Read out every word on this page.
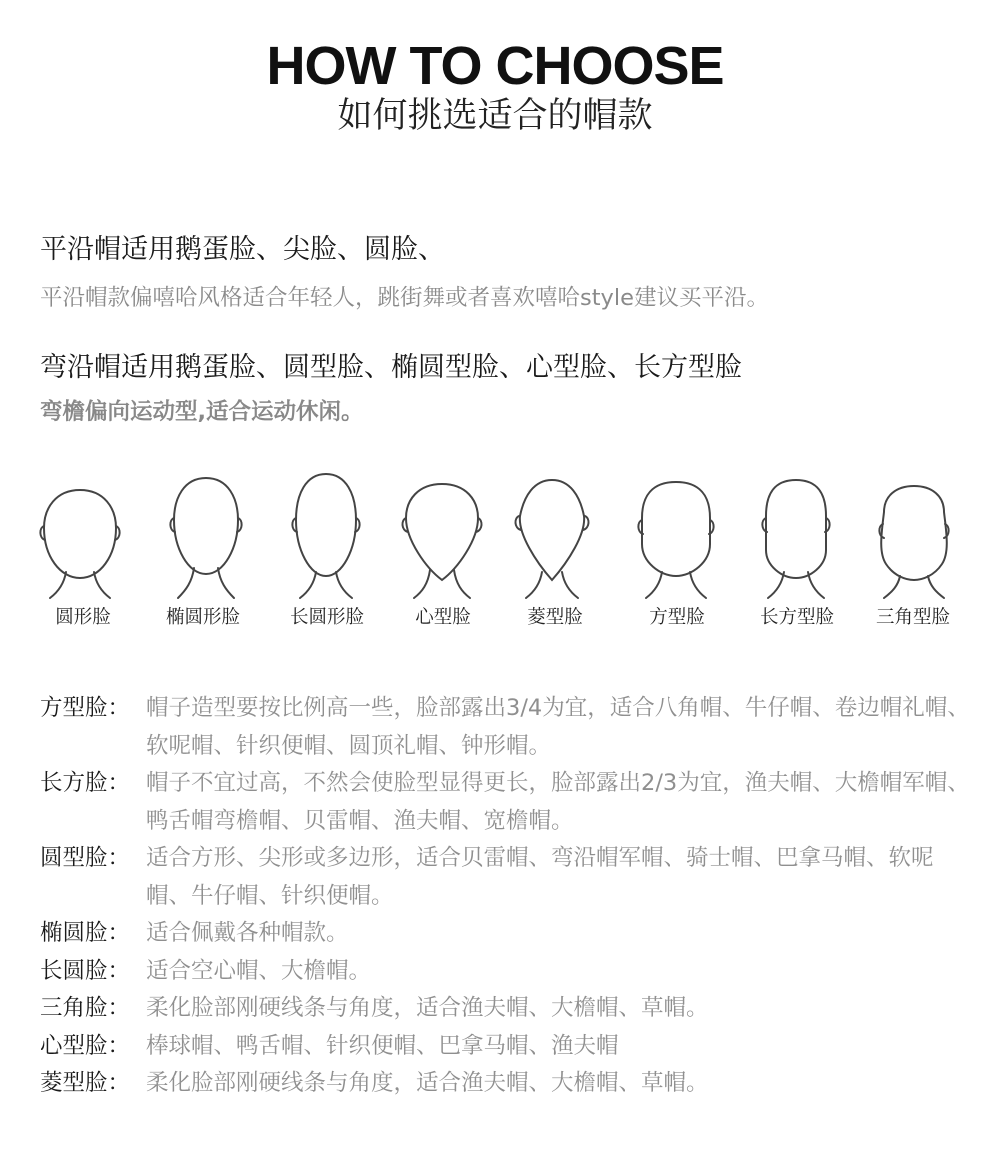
HOW TO CHOOSE
如何挑选适合的帽款
平沿帽适用鹅蛋脸、尖脸、圆脸、
平沿帽款偏嘻哈风格适合年轻人，跳街舞或者喜欢嘻哈style建议买平沿。
弯沿帽适用鹅蛋脸、圆型脸、椭圆型脸、心型脸、长方型脸
弯檐偏向运动型,适合运动休闲。
圆形脸	椭圆形脸	长圆形脸	心型脸	菱型脸	方型脸	长方型脸 三角型脸
方型脸： 帽子造型要按比例高一些，脸部露出3/4为宜，适合八角帽、牛仔帽、卷边帽礼帽、软呢帽、针织便帽、圆顶礼帽、钟形帽。
长方脸： 帽子不宜过高，不然会使脸型显得更长，脸部露出2/3为宜，渔夫帽、大檐帽军帽、鸭舌帽弯檐帽、贝雷帽、渔夫帽、宽檐帽。
圆型脸： 适合方形、尖形或多边形，适合贝雷帽、弯沿帽军帽、骑士帽、巴拿马帽、软呢帽、牛仔帽、针织便帽。
椭圆脸： 适合佩戴各种帽款。
长圆脸： 适合空心帽、大檐帽。
三角脸： 柔化脸部刚硬线条与角度，适合渔夫帽、大檐帽、草帽。
心型脸： 棒球帽、鸭舌帽、针织便帽、巴拿马帽、渔夫帽
菱型脸： 柔化脸部刚硬线条与角度，适合渔夫帽、大檐帽、草帽。
